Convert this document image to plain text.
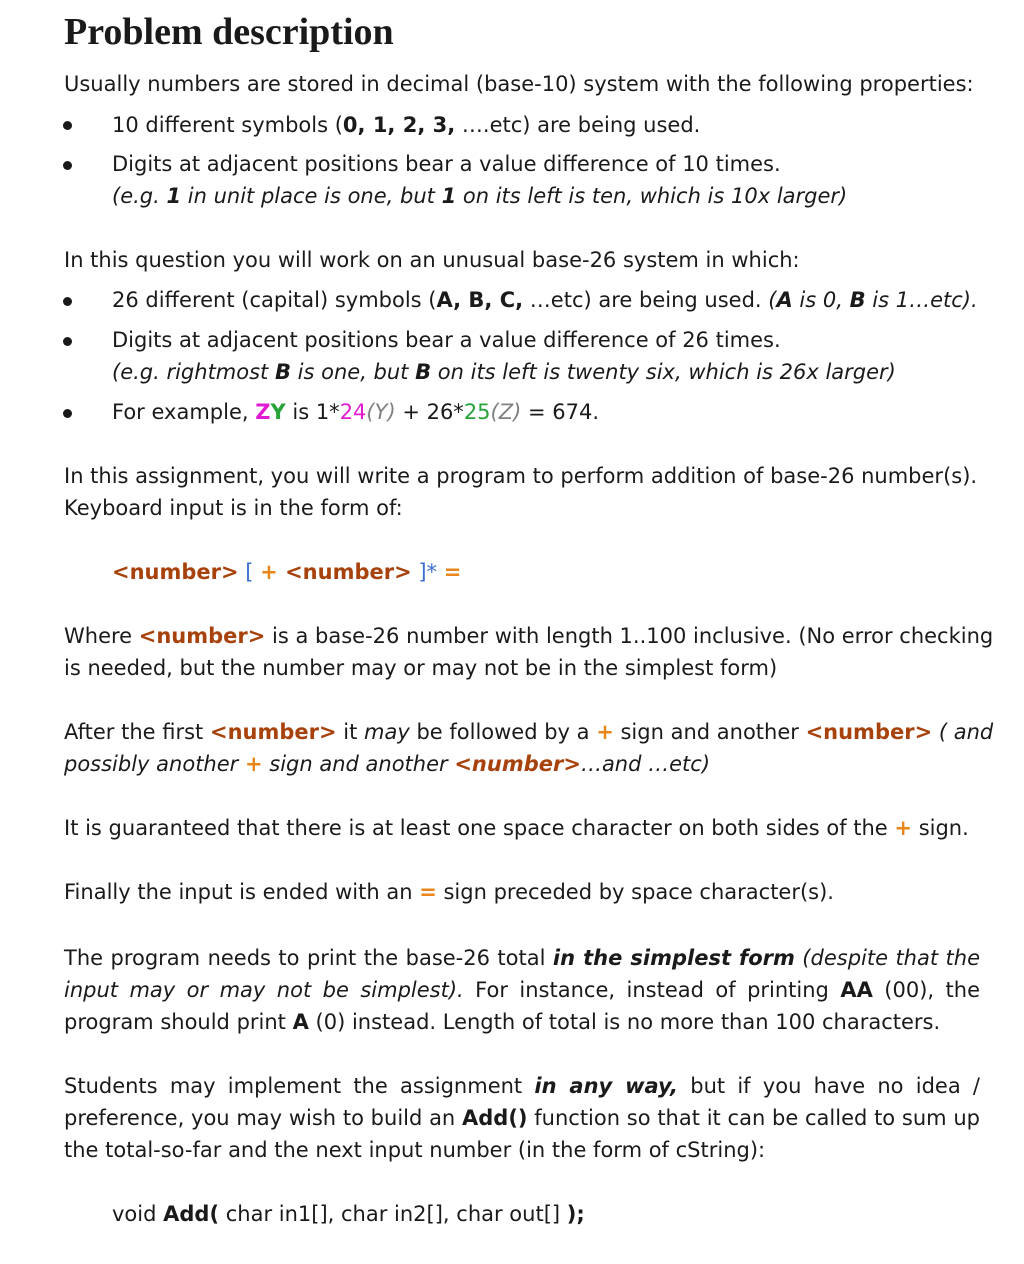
Problem description
Usually numbers are stored in decimal (base-10) system with the following properties:
10 different symbols (0, 1, 2, 3, ….etc) are being used.
Digits at adjacent positions bear a value difference of 10 times.
(e.g. 1 in unit place is one, but 1 on its left is ten, which is 10x larger)
In this question you will work on an unusual base-26 system in which:
26 different (capital) symbols (A, B, C, …etc) are being used. (A is 0, B is 1…etc).
Digits at adjacent positions bear a value difference of 26 times.
(e.g. rightmost B is one, but B on its left is twenty six, which is 26x larger)
For example, ZY is 1*24(Y) + 26*25(Z) = 674.
In this assignment, you will write a program to perform addition of base-26 number(s).
Keyboard input is in the form of:
<number> [ + <number> ]* =
Where <number> is a base-26 number with length 1..100 inclusive. (No error checking
is needed, but the number may or may not be in the simplest form)
After the first <number> it may be followed by a + sign and another <number> ( and
possibly another + sign and another <number>…and …etc)
It is guaranteed that there is at least one space character on both sides of the + sign.
Finally the input is ended with an = sign preceded by space character(s).
The program needs to print the base-26 total in the simplest form (despite that the
input may or may not be simplest). For instance, instead of printing AA (00), the
program should print A (0) instead. Length of total is no more than 100 characters.
Students may implement the assignment in any way, but if you have no idea /
preference, you may wish to build an Add() function so that it can be called to sum up
the total-so-far and the next input number (in the form of cString):
void Add( char in1[], char in2[], char out[] );
